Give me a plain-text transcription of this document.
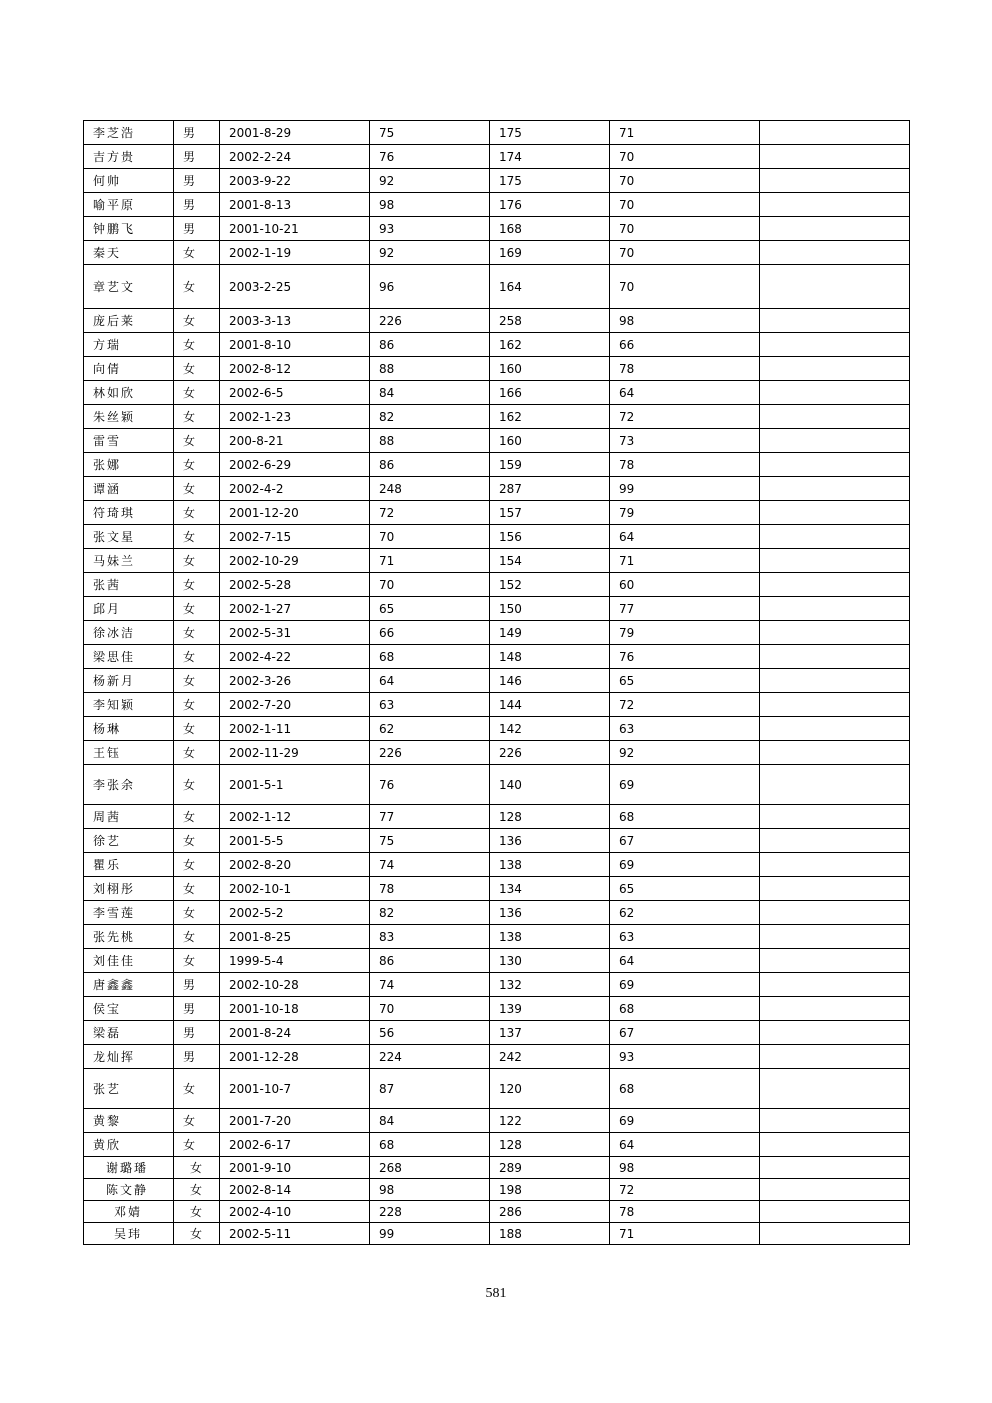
李芝浩	男	2001-8-29	75	175	71	
吉方贵	男	2002-2-24	76	174	70	
何帅	男	2003-9-22	92	175	70	
喻平原	男	2001-8-13	98	176	70	
钟鹏飞	男	2001-10-21	93	168	70	
秦天	女	2002-1-19	92	169	70	
章艺文	女	2003-2-25	96	164	70	
庞后莱	女	2003-3-13	226	258	98	
方瑞	女	2001-8-10	86	162	66	
向倩	女	2002-8-12	88	160	78	
林如欣	女	2002-6-5	84	166	64	
朱丝颖	女	2002-1-23	82	162	72	
雷雪	女	200-8-21	88	160	73	
张娜	女	2002-6-29	86	159	78	
谭涵	女	2002-4-2	248	287	99	
符琦琪	女	2001-12-20	72	157	79	
张文星	女	2002-7-15	70	156	64	
马妹兰	女	2002-10-29	71	154	71	
张茜	女	2002-5-28	70	152	60	
邱月	女	2002-1-27	65	150	77	
徐冰洁	女	2002-5-31	66	149	79	
梁思佳	女	2002-4-22	68	148	76	
杨新月	女	2002-3-26	64	146	65	
李知颖	女	2002-7-20	63	144	72	
杨琳	女	2002-1-11	62	142	63	
王钰	女	2002-11-29	226	226	92	
李张余	女	2001-5-1	76	140	69	
周茜	女	2002-1-12	77	128	68	
徐艺	女	2001-5-5	75	136	67	
瞿乐	女	2002-8-20	74	138	69	
刘栩彤	女	2002-10-1	78	134	65	
李雪莲	女	2002-5-2	82	136	62	
张先桃	女	2001-8-25	83	138	63	
刘佳佳	女	1999-5-4	86	130	64	
唐鑫鑫	男	2002-10-28	74	132	69	
侯宝	男	2001-10-18	70	139	68	
梁磊	男	2001-8-24	56	137	67	
龙灿挥	男	2001-12-28	224	242	93	
张艺	女	2001-10-7	87	120	68	
黄黎	女	2001-7-20	84	122	69	
黄欣	女	2002-6-17	68	128	64	
谢璐璠	女	2001-9-10	268	289	98	
陈文静	女	2002-8-14	98	198	72	
邓婧	女	2002-4-10	228	286	78	
吴玮	女	2002-5-11	99	188	71	
581
